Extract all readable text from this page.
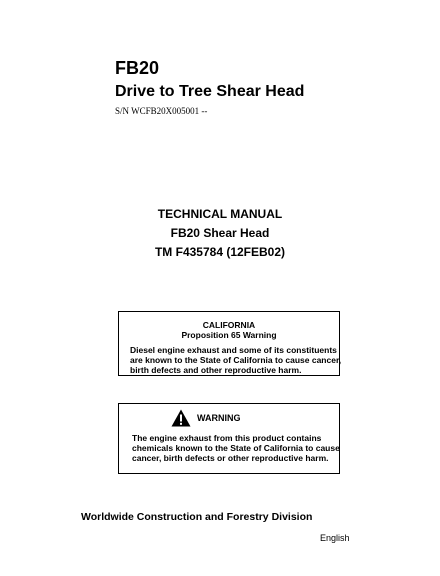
FB20
Drive to Tree Shear Head
S/N WCFB20X005001 --
TECHNICAL MANUAL
FB20 Shear Head
TM F435784 (12FEB02)
CALIFORNIA
Proposition 65 Warning
Diesel engine exhaust and some of its constituents
are known to the State of California to cause cancer,
birth defects and other reproductive harm.
WARNING
The engine exhaust from this product contains
chemicals known to the State of California to cause
cancer, birth defects or other reproductive harm.
Worldwide Construction and Forestry Division
English
